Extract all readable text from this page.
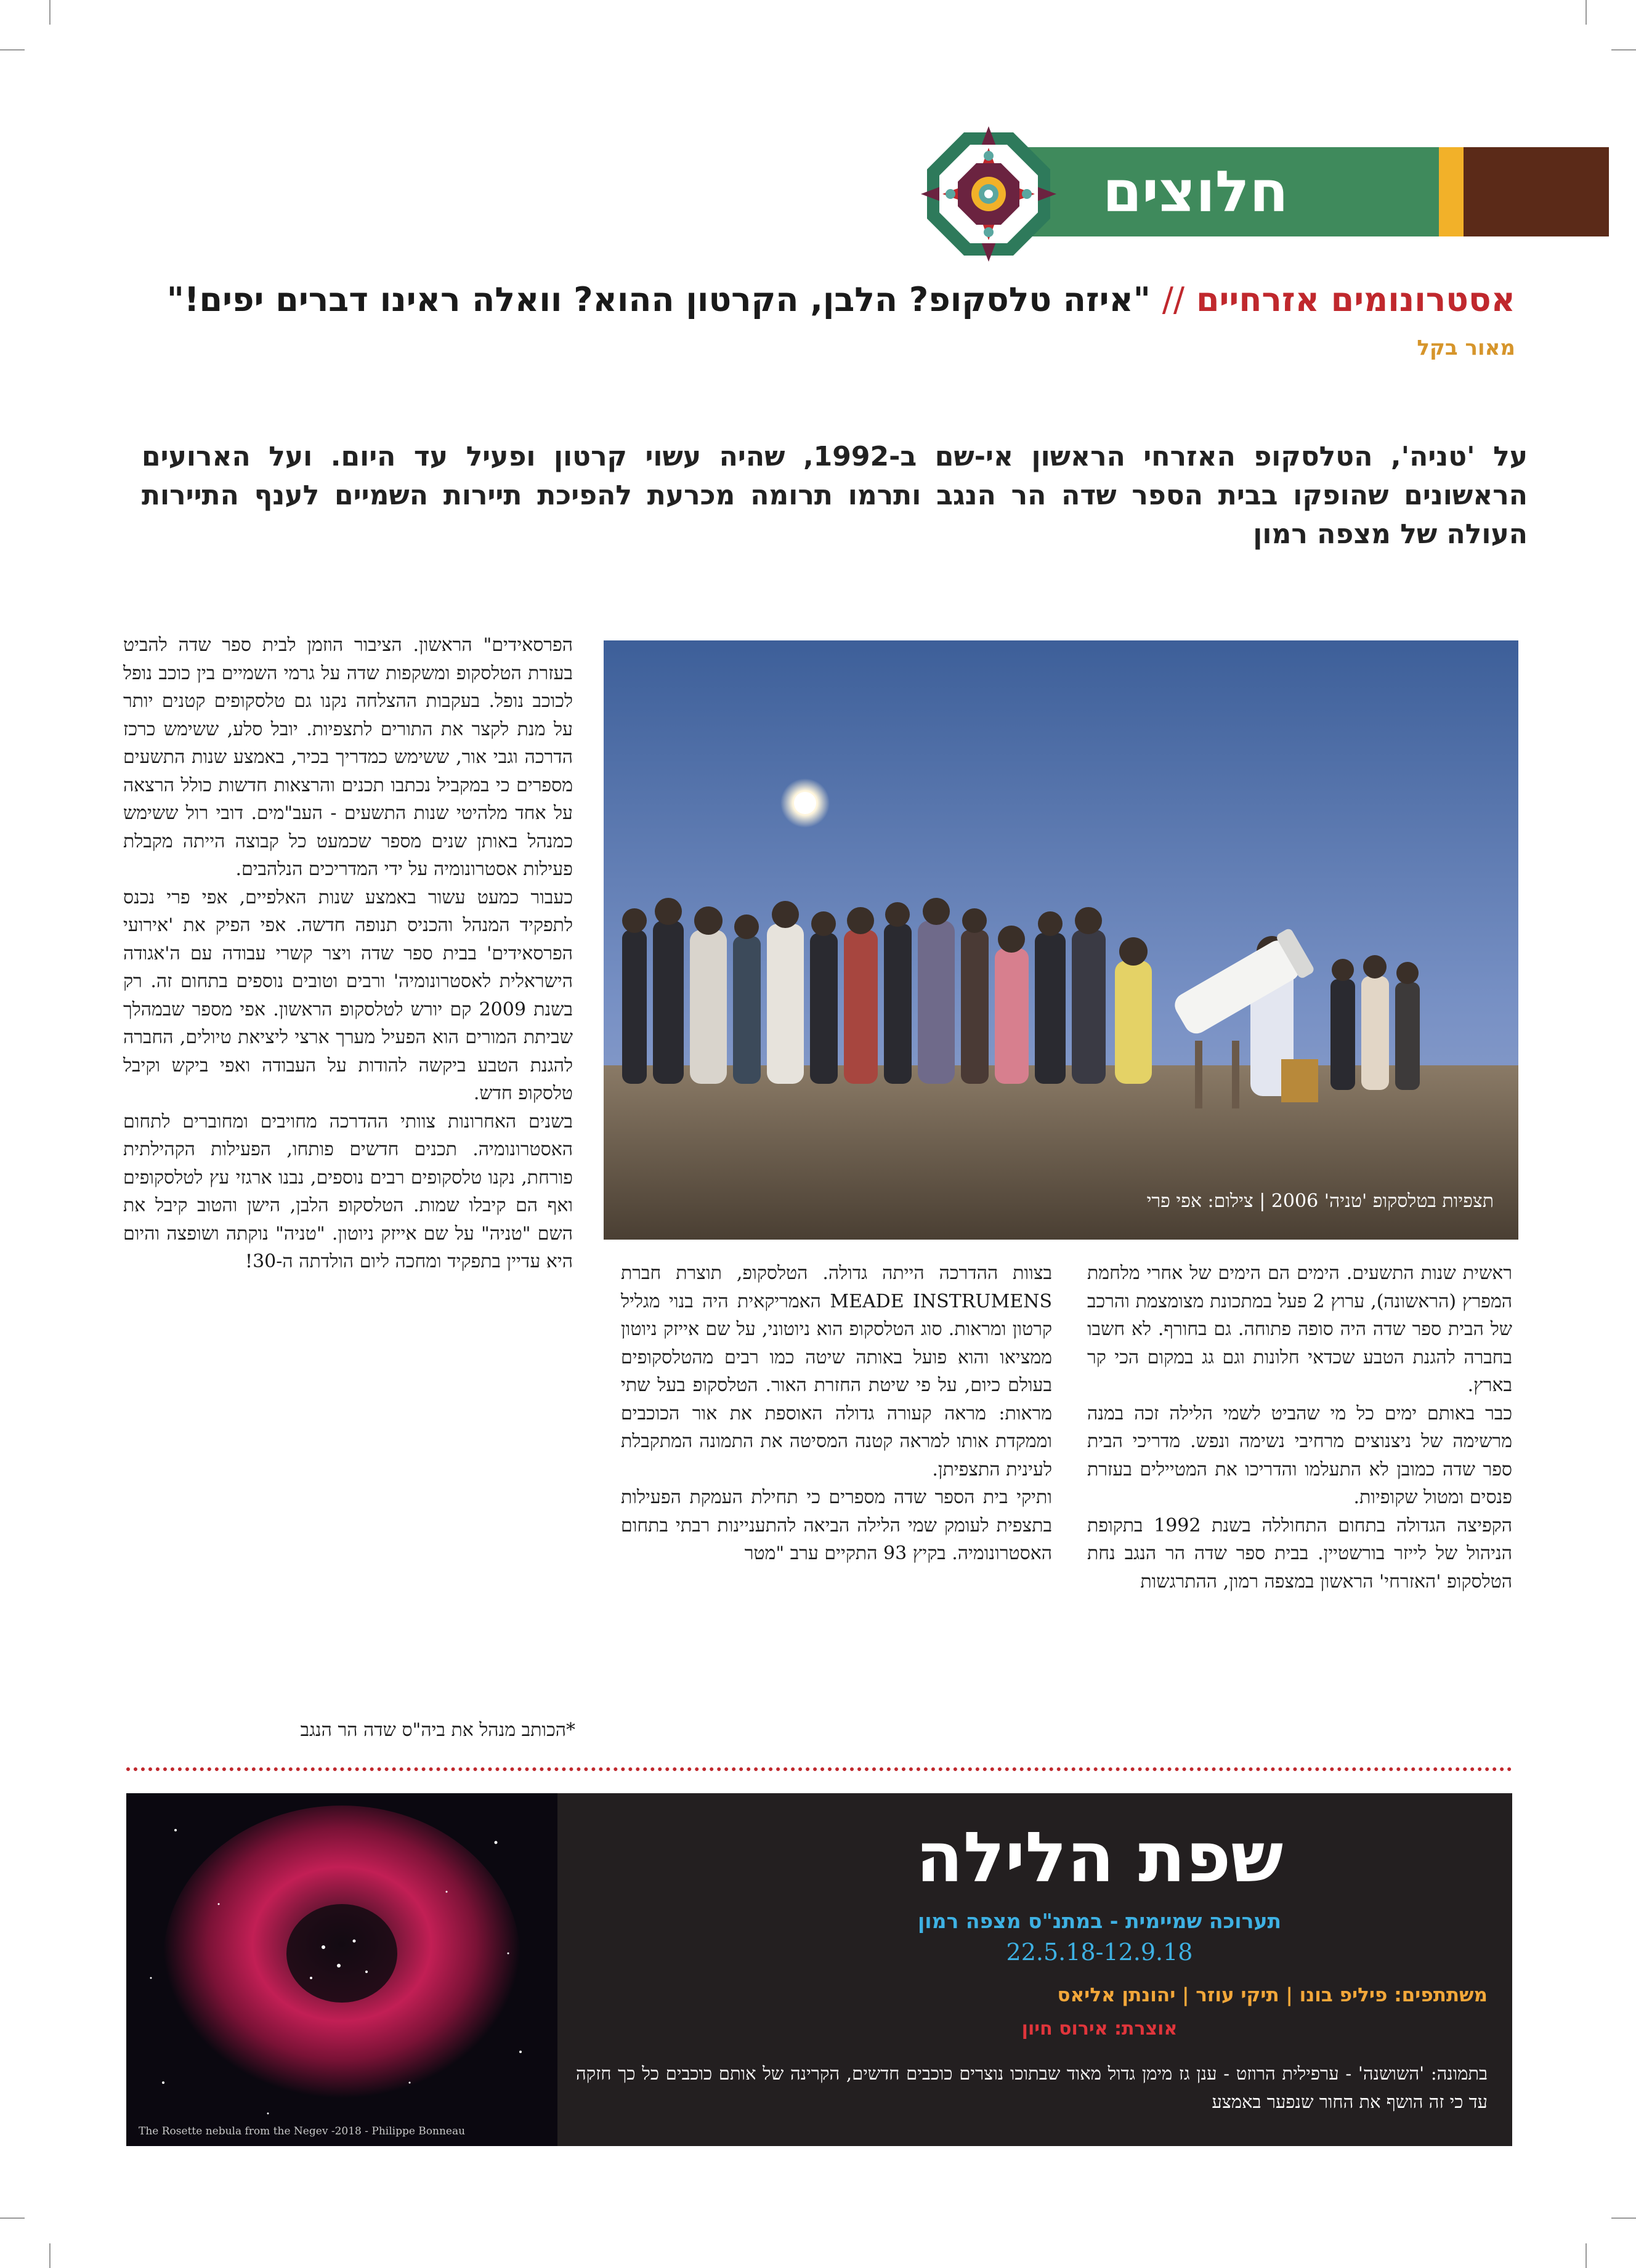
חלוצים
אסטרונומים אזרחיים // "איזה טלסקופ? הלבן, הקרטון ההוא? וואלה ראינו דברים יפים!"
מאור בקל
על 'טניה', הטלסקופ האזרחי הראשון אי-שם ב-1992, שהיה עשוי קרטון ופעיל עד היום. ועל הארועים הראשונים שהופקו בבית הספר שדה הר הנגב ותרמו תרומה מכרעת להפיכת תיירות השמיים לענף התיירות העולה של מצפה רמון
תצפיות בטלסקופ 'טניה' 2006 | צילום: אפי פרי

ראשית שנות התשעים. הימים הם הימים של אחרי מלחמת המפרץ (הראשונה), ערוץ 2 פעל במתכונת מצומצמת והרכב של הבית ספר שדה היה סופה פתוחה. גם בחורף. לא חשבו בחברה להגנת הטבע שכדאי חלונות וגם גג במקום הכי קר בארץ.

כבר באותם ימים כל מי שהביט לשמי הלילה זכה במנה מרשימה של ניצנוצים מרחיבי נשימה ונפש. מדריכי הבית ספר שדה כמובן לא התעלמו והדריכו את המטיילים בעזרת פנסים ומטול שקופיות.

הקפיצה הגדולה בתחום התחוללה בשנת 1992 בתקופת הניהול של לייזר בורשטיין. בבית ספר שדה הר הנגב נחת הטלסקופ 'האזרחי' הראשון במצפה רמון, ההתרגשות

בצוות ההדרכה הייתה גדולה. הטלסקופ, תוצרת חברת MEADE INSTRUMENS האמריקאית היה בנוי מגליל קרטון ומראות. סוג הטלסקופ הוא ניוטוני, על שם אייזק ניוטון ממציאו והוא פועל באותה שיטה כמו רבים מהטלסקופים בעולם כיום, על פי שיטת החזרת האור. הטלסקופ בעל שתי מראות: מראה קעורה גדולה האוספת את אור הכוכבים וממקדת אותו למראה קטנה המסיטה את התמונה המתקבלת לעינית התצפיתן.

ותיקי בית הספר שדה מספרים כי תחילת העמקת הפעילות בתצפית לעומק שמי הלילה הביאה להתעניינות רבתי בתחום האסטרונומיה. בקיץ 93 התקיים ערב "מטר

הפרסאידים" הראשון. הציבור הוזמן לבית ספר שדה להביט בעזרת הטלסקופ ומשקפות שדה על גרמי השמיים בין כוכב נופל לכוכב נופל. בעקבות ההצלחה נקנו גם טלסקופים קטנים יותר על מנת לקצר את התורים לתצפיות. יובל סלע, ששימש כרכז הדרכה וגבי אור, ששימש כמדריך בכיר, באמצע שנות התשעים מספרים כי במקביל נכתבו תכנים והרצאות חדשות כולל הרצאה על אחד מלהיטי שנות התשעים - העב"מים. דובי רול ששימש כמנהל באותן שנים מספר שכמעט כל קבוצה הייתה מקבלת פעילות אסטרונומיה על ידי המדריכים הנלהבים.

כעבור כמעט עשור באמצע שנות האלפיים, אפי פרי נכנס לתפקיד המנהל והכניס תנופה חדשה. אפי הפיק את 'אירועי הפרסאידים' בבית ספר שדה ויצר קשרי עבודה עם ה'אגודה הישראלית לאסטרונומיה' ורבים וטובים נוספים בתחום זה. רק בשנת 2009 קם יורש לטלסקופ הראשון. אפי מספר שבמהלך שביתת המורים הוא הפעיל מערך ארצי ליציאת טיולים, החברה להגנת הטבע ביקשה להודות על העבודה ואפי ביקש וקיבל טלסקופ חדש.

בשנים האחרונות צוותי ההדרכה מחויבים ומחוברים לתחום האסטרונומיה. תכנים חדשים פותחו, הפעילות הקהילתית פורחת, נקנו טלסקופים רבים נוספים, נבנו ארגזי עץ לטלסקופים ואף הם קיבלו שמות. הטלסקופ הלבן, הישן והטוב קיבל את השם "טניה" על שם אייזק ניוטון. "טניה" נוקתה ושופצה והיום היא עדיין בתפקיד ומחכה ליום הולדתה ה-30!

*הכותב מנהל את ביה"ס שדה הר הנגב
The Rosette nebula from the Negev -2018 - Philippe Bonneau
שפת הלילה
תערוכה שמיימית - במתנ"ס מצפה רמון
22.5.18-12.9.18
משתתפים: פיליפ בונו | תיקי עוזר | יהונתן אליאס
אוצרת: אירוס חיון
בתמונה: 'השושנה' - ערפילית הרוזט - ענן גז מימן גדול מאוד שבתוכו נוצרים כוכבים חדשים, הקרינה של אותם כוכבים כל כך חזקה עד כי זה הושף את החור שנפער באמצע
